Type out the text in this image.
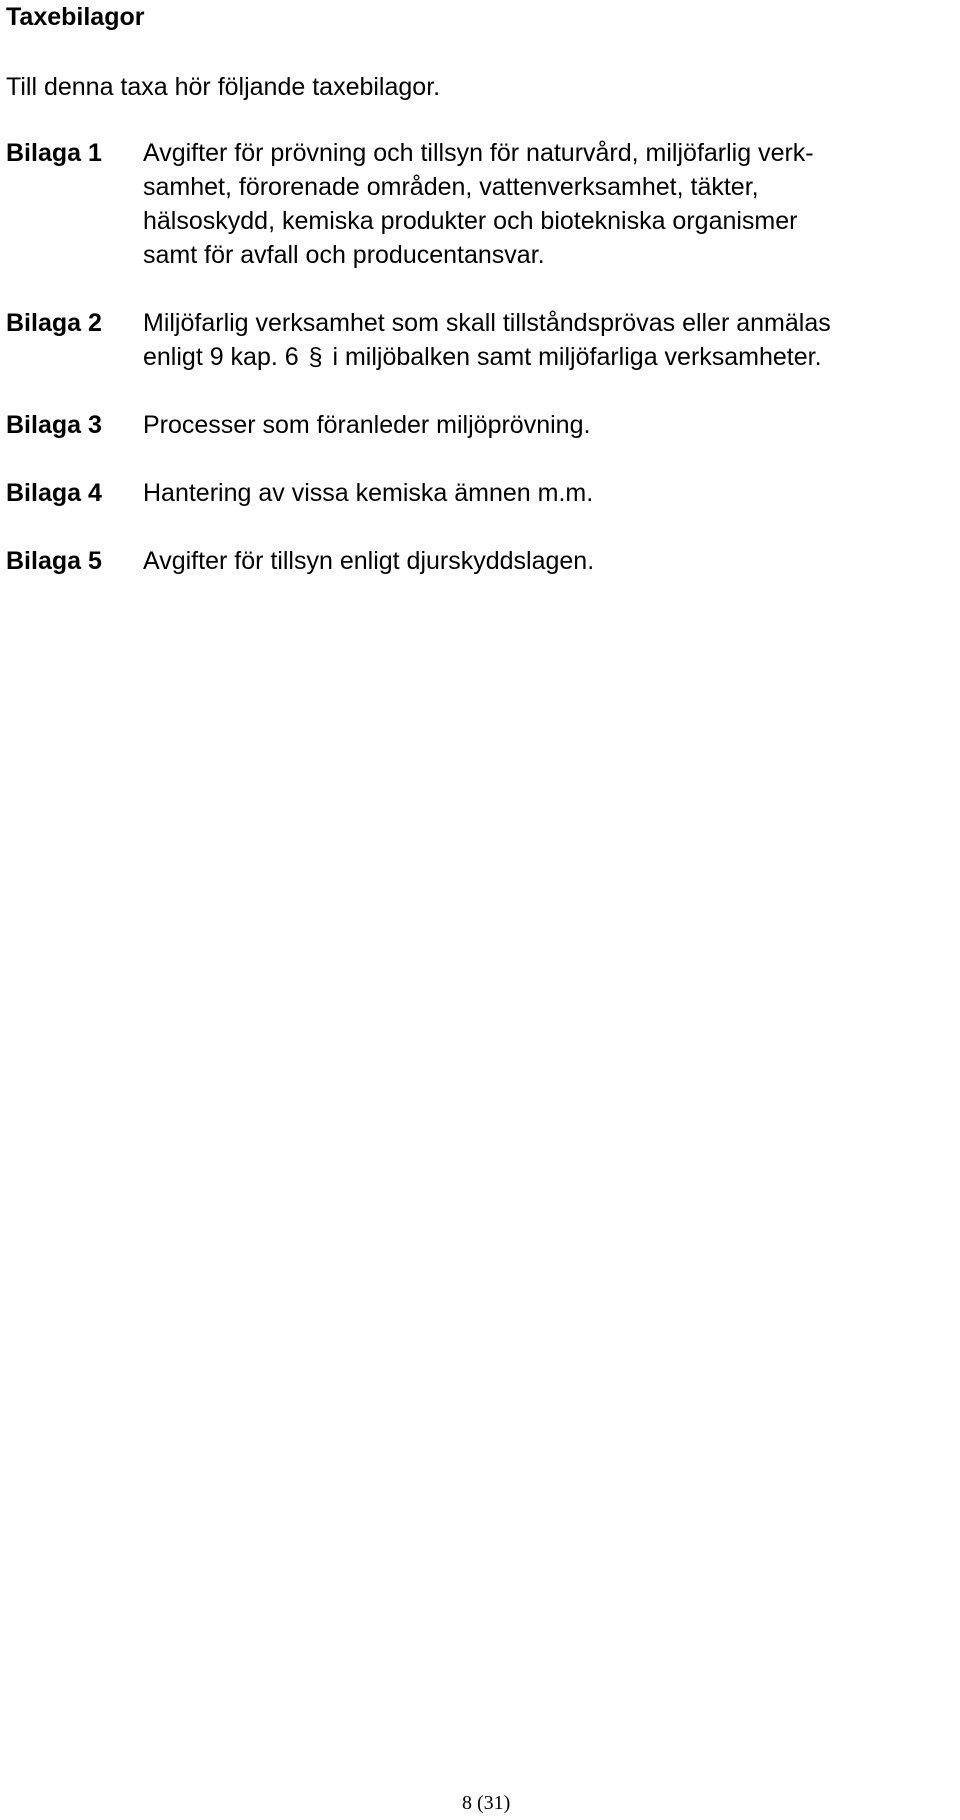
Taxebilagor
Till denna taxa hör följande taxebilagor.
Bilaga 1 Avgifter för prövning och tillsyn för naturvård, miljöfarlig verk-
samhet, förorenade områden, vattenverksamhet, täkter,
hälsoskydd, kemiska produkter och biotekniska organismer
samt för avfall och producentansvar.
Bilaga 2 Miljöfarlig verksamhet som skall tillståndsprövas eller anmälas
enligt 9 kap. 6 § i miljöbalken samt miljöfarliga verksamheter.
Bilaga 3 Processer som föranleder miljöprövning.
Bilaga 4 Hantering av vissa kemiska ämnen m.m.
Bilaga 5 Avgifter för tillsyn enligt djurskyddslagen.
8 (31)
